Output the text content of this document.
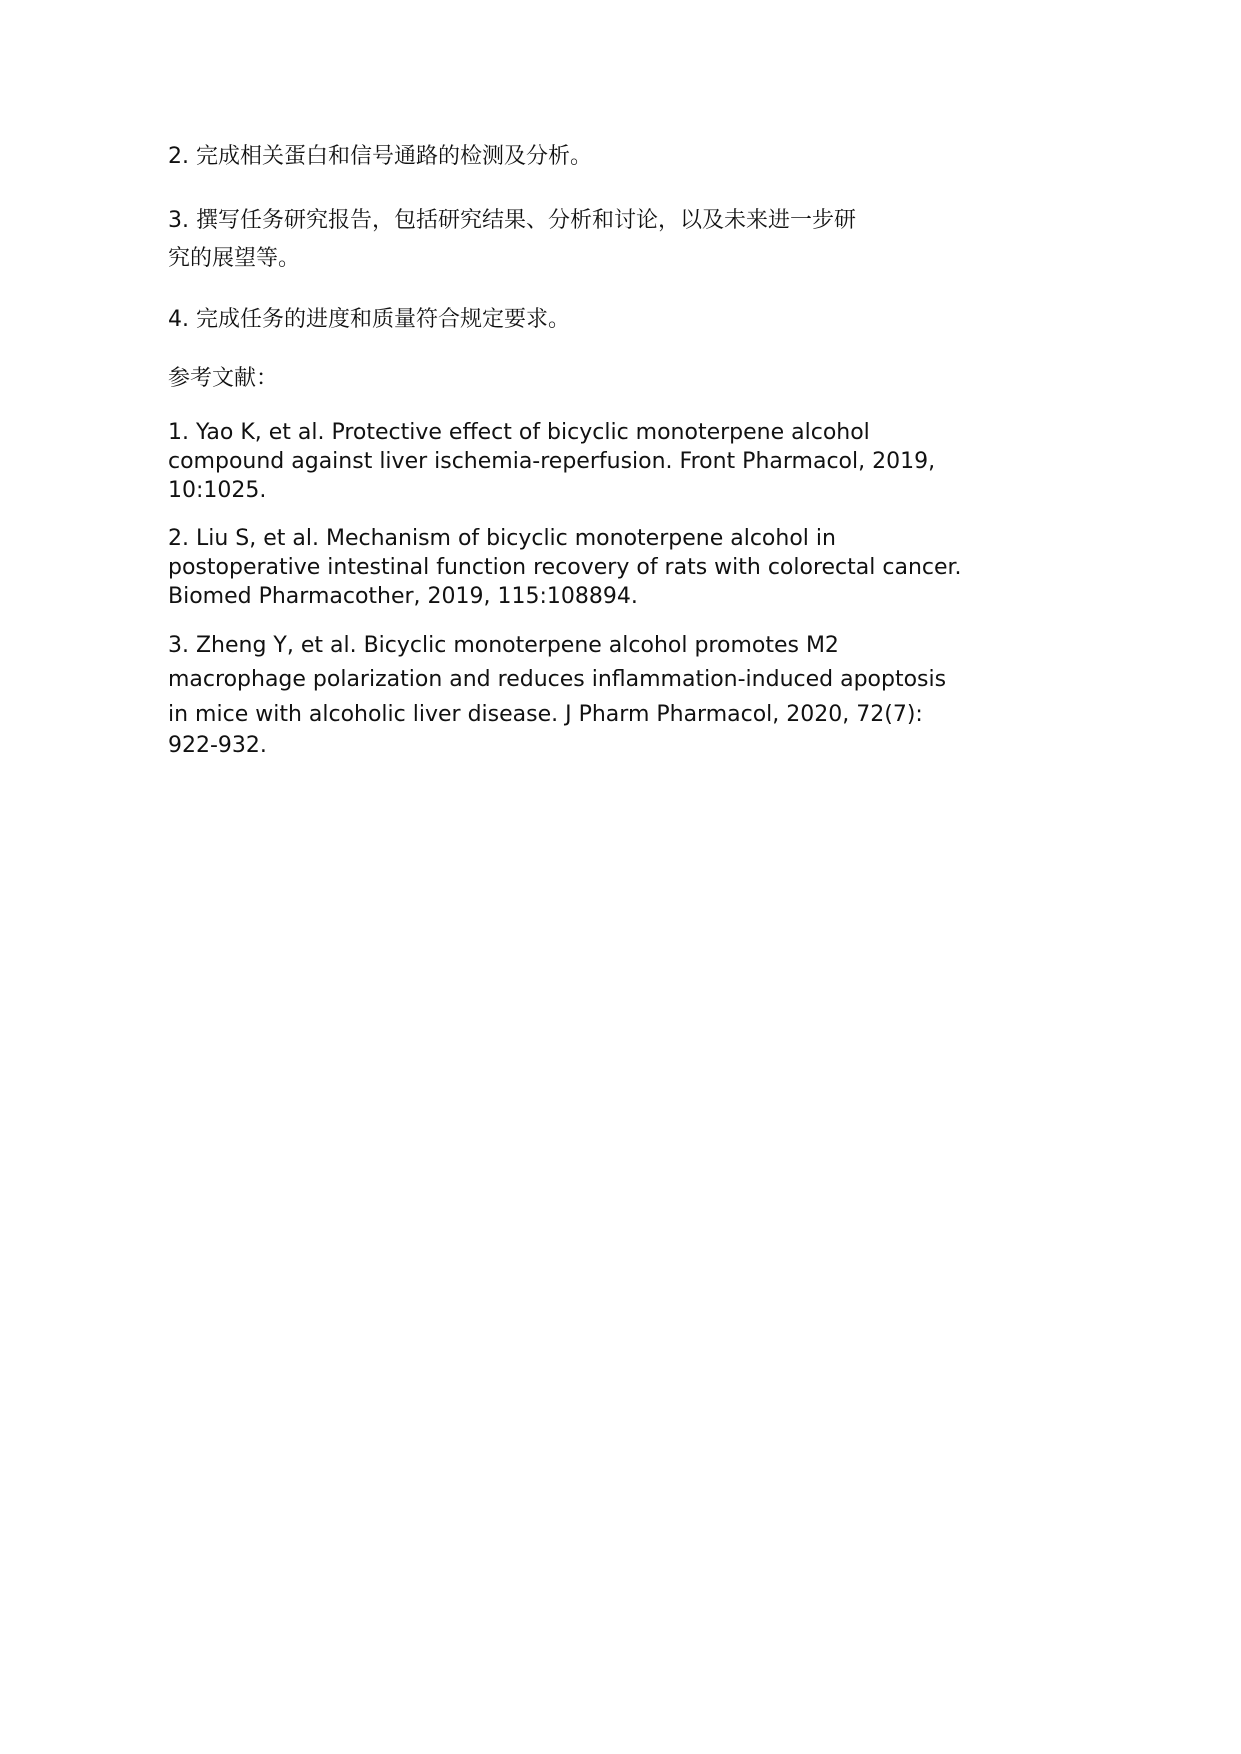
2. 完成相关蛋白和信号通路的检测及分析。

3. 撰写任务研究报告，包括研究结果、分析和讨论，以及未来进一步研
究的展望等。

4. 完成任务的进度和质量符合规定要求。

参考文献：

1. Yao K, et al. Protective effect of bicyclic monoterpene alcohol
compound against liver ischemia-reperfusion. Front Pharmacol, 2019,
10:1025.

2. Liu S, et al. Mechanism of bicyclic monoterpene alcohol in
postoperative intestinal function recovery of rats with colorectal cancer.
Biomed Pharmacother, 2019, 115:108894.

3. Zheng Y, et al. Bicyclic monoterpene alcohol promotes M2
macrophage polarization and reduces inflammation-induced apoptosis
in mice with alcoholic liver disease. J Pharm Pharmacol, 2020, 72(7):
922-932.
